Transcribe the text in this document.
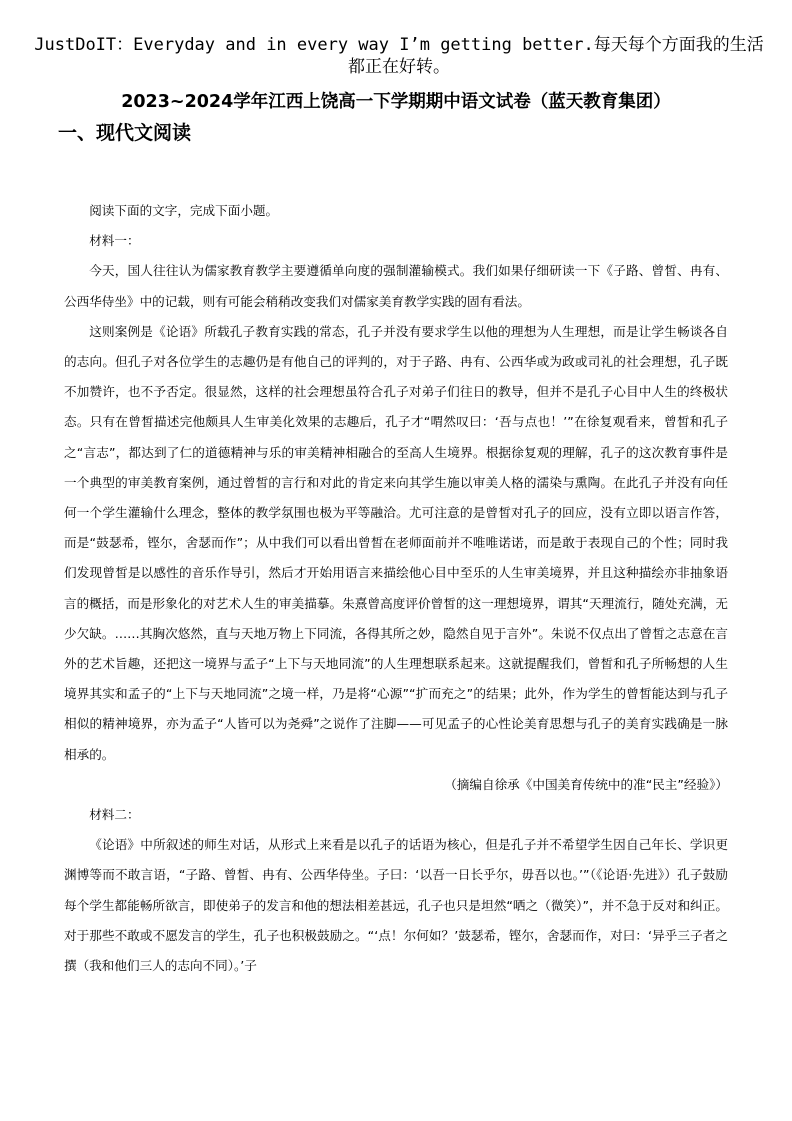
JustDoIT：Everyday and in every way I’m getting better.每天每个方面我的生活都正在好转。
2023~2024学年江西上饶高一下学期期中语文试卷（蓝天教育集团）
一、现代文阅读

阅读下面的文字，完成下面小题。

材料一：

今天，国人往往认为儒家教育教学主要遵循单向度的强制灌输模式。我们如果仔细研读一下《子路、曾皙、冉有、公西华侍坐》中的记载，则有可能会稍稍改变我们对儒家美育教学实践的固有看法。

这则案例是《论语》所载孔子教育实践的常态，孔子并没有要求学生以他的理想为人生理想，而是让学生畅谈各自的志向。但孔子对各位学生的志趣仍是有他自己的评判的，对于子路、冉有、公西华或为政或司礼的社会理想，孔子既不加赞许，也不予否定。很显然，这样的社会理想虽符合孔子对弟子们往日的教导，但并不是孔子心目中人生的终极状态。只有在曾皙描述完他颇具人生审美化效果的志趣后，孔子才“喟然叹曰：‘吾与点也！’”在徐复观看来，曾皙和孔子之“言志”，都达到了仁的道德精神与乐的审美精神相融合的至高人生境界。根据徐复观的理解，孔子的这次教育事件是一个典型的审美教育案例，通过曾皙的言行和对此的肯定来向其学生施以审美人格的濡染与熏陶。在此孔子并没有向任何一个学生灌输什么理念，整体的教学氛围也极为平等融洽。尤可注意的是曾皙对孔子的回应，没有立即以语言作答，而是“鼓瑟希，铿尔，舍瑟而作”；从中我们可以看出曾皙在老师面前并不唯唯诺诺，而是敢于表现自己的个性；同时我们发现曾皙是以感性的音乐作导引，然后才开始用语言来描绘他心目中至乐的人生审美境界，并且这种描绘亦非抽象语言的概括，而是形象化的对艺术人生的审美描摹。朱熹曾高度评价曾皙的这一理想境界，谓其“天理流行，随处充满，无少欠缺。……其胸次悠然，直与天地万物上下同流，各得其所之妙，隐然自见于言外”。朱说不仅点出了曾皙之志意在言外的艺术旨趣，还把这一境界与孟子“上下与天地同流”的人生理想联系起来。这就提醒我们，曾皙和孔子所畅想的人生境界其实和孟子的“上下与天地同流”之境一样，乃是将“心源”“扩而充之”的结果；此外，作为学生的曾皙能达到与孔子相似的精神境界，亦为孟子“人皆可以为尧舜”之说作了注脚——可见孟子的心性论美育思想与孔子的美育实践确是一脉相承的。

（摘编自徐承《中国美育传统中的准“民主”经验》）

材料二：

《论语》中所叙述的师生对话，从形式上来看是以孔子的话语为核心，但是孔子并不希望学生因自己年长、学识更渊博等而不敢言语，“子路、曾皙、冉有、公西华侍坐。子曰：‘以吾一日长乎尔，毋吾以也。’”（《论语·先进》）孔子鼓励每个学生都能畅所欲言，即使弟子的发言和他的想法相差甚远，孔子也只是坦然“哂之（微笑）”，并不急于反对和纠正。对于那些不敢或不愿发言的学生，孔子也积极鼓励之。“‘点！尔何如？’鼓瑟希，铿尔，舍瑟而作，对曰：‘异乎三子者之撰（我和他们三人的志向不同）。’子
